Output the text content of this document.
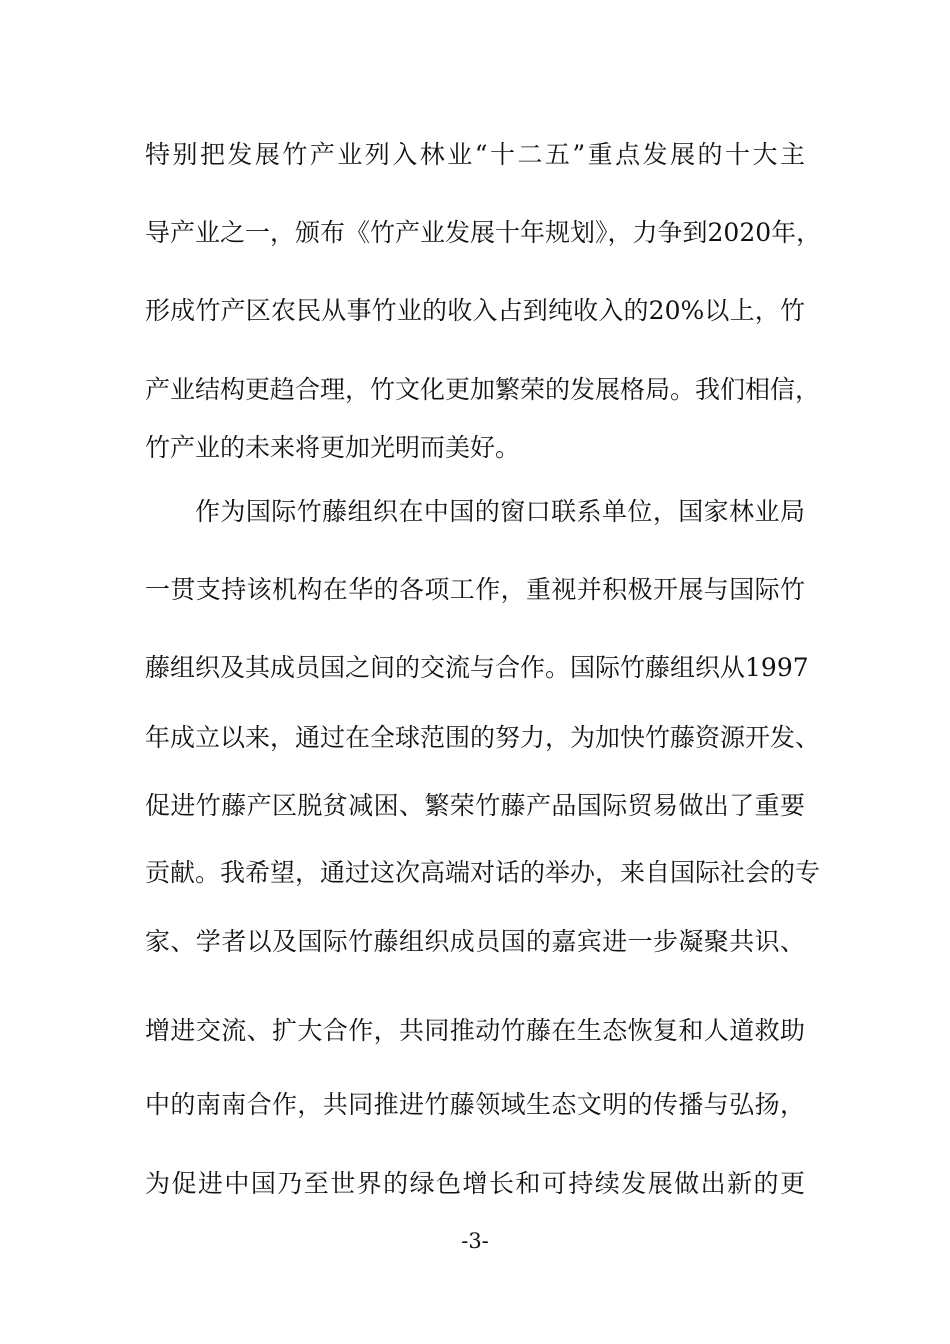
特别把发展竹产业列入林业“十二五”重点发展的十大主
导产业之一，颁布《竹产业发展十年规划》，力争到2020年，
形成竹产区农民从事竹业的收入占到纯收入的20%以上，竹
产业结构更趋合理，竹文化更加繁荣的发展格局。我们相信，
竹产业的未来将更加光明而美好。
作为国际竹藤组织在中国的窗口联系单位，国家林业局
一贯支持该机构在华的各项工作，重视并积极开展与国际竹
藤组织及其成员国之间的交流与合作。国际竹藤组织从1997
年成立以来，通过在全球范围的努力，为加快竹藤资源开发、
促进竹藤产区脱贫减困、繁荣竹藤产品国际贸易做出了重要
贡献。我希望，通过这次高端对话的举办，来自国际社会的专
家、学者以及国际竹藤组织成员国的嘉宾进一步凝聚共识、
增进交流、扩大合作，共同推动竹藤在生态恢复和人道救助
中的南南合作，共同推进竹藤领域生态文明的传播与弘扬，
为促进中国乃至世界的绿色增长和可持续发展做出新的更
-3-
